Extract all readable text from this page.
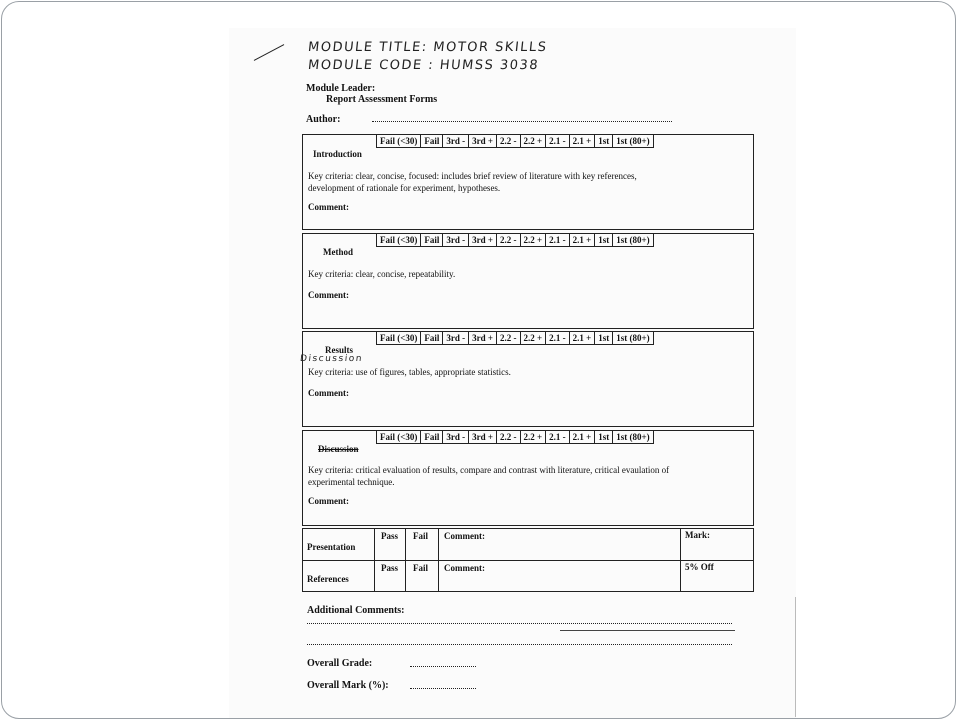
MODULE TITLE: MOTOR SKILLS
MODULE CODE : HUMSS 3038
Module Leader:
Report Assessment Forms
Author:
Introduction
Fail (<30)	Fail	3rd -	3rd +	2.2 -	2.2 +	2.1 -	2.1 +	1st	1st (80+)
Key criteria: clear, concise, focused: includes brief review of literature with key references, development of rationale for experiment, hypotheses.
Comment:
Method
Fail (<30)	Fail	3rd -	3rd +	2.2 -	2.2 +	2.1 -	2.1 +	1st	1st (80+)
Key criteria: clear, concise, repeatability.
Comment:
Results
Discussion
Fail (<30)	Fail	3rd -	3rd +	2.2 -	2.2 +	2.1 -	2.1 +	1st	1st (80+)
Key criteria: use of figures, tables, appropriate statistics.
Comment:
Discussion
Fail (<30)	Fail	3rd -	3rd +	2.2 -	2.2 +	2.1 -	2.1 +	1st	1st (80+)
Key criteria: critical evaluation of results, compare and contrast with literature, critical evaulation of experimental technique.
Comment:
Presentation
Pass Fail Comment:	Mark:
References
Pass Fail Comment:	5% Off
Additional Comments:
Overall Grade:
Overall Mark (%):
